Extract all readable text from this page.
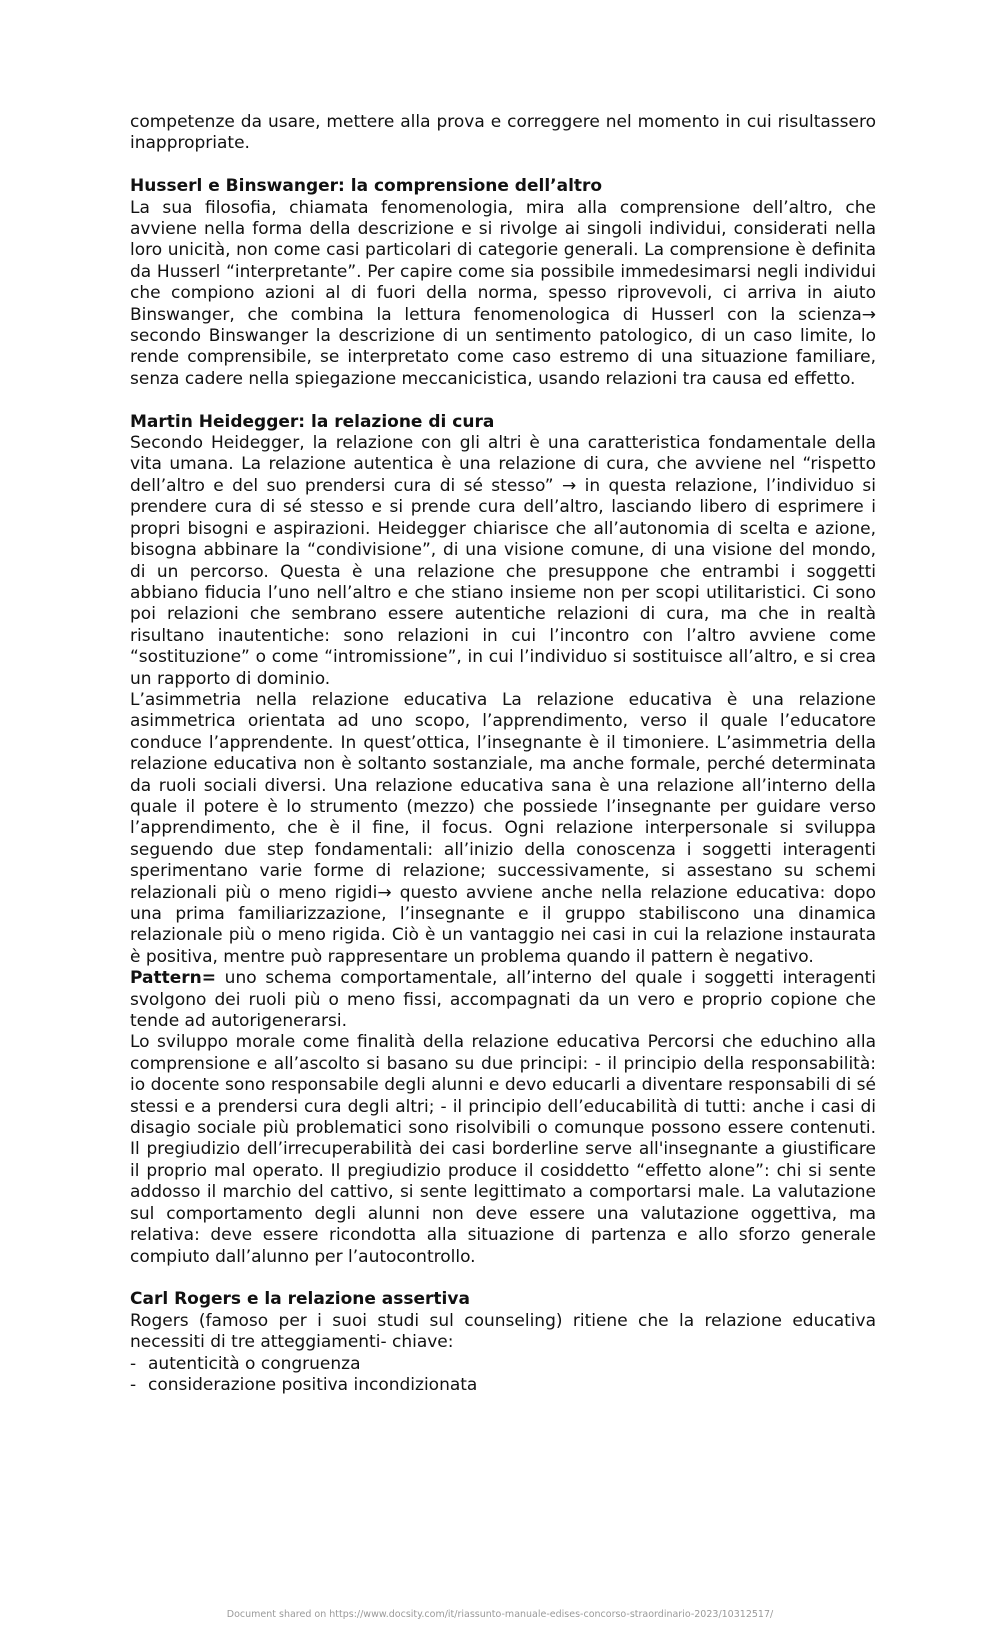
competenze da usare, mettere alla prova e correggere nel momento in cui risultassero inappropriate.

Husserl e Binswanger: la comprensione dell’altro

La sua filosofia, chiamata fenomenologia, mira alla comprensione dell’altro, che avviene nella forma della descrizione e si rivolge ai singoli individui, considerati nella loro unicità, non come casi particolari di categorie generali. La comprensione è definita da Husserl “interpretante”. Per capire come sia possibile immedesimarsi negli individui che compiono azioni al di fuori della norma, spesso riprovevoli, ci arriva in aiuto Binswanger, che combina la lettura fenomenologica di Husserl con la scienza→ secondo Binswanger la descrizione di un sentimento patologico, di un caso limite, lo rende comprensibile, se interpretato come caso estremo di una situazione familiare, senza cadere nella spiegazione meccanicistica, usando relazioni tra causa ed effetto.

Martin Heidegger: la relazione di cura

Secondo Heidegger, la relazione con gli altri è una caratteristica fondamentale della vita umana. La relazione autentica è una relazione di cura, che avviene nel “rispetto dell’altro e del suo prendersi cura di sé stesso” → in questa relazione, l’individuo si prendere cura di sé stesso e si prende cura dell’altro, lasciando libero di esprimere i propri bisogni e aspirazioni. Heidegger chiarisce che all’autonomia di scelta e azione, bisogna abbinare la “condivisione”, di una visione comune, di una visione del mondo, di un percorso. Questa è una relazione che presuppone che entrambi i soggetti abbiano fiducia l’uno nell’altro e che stiano insieme non per scopi utilitaristici. Ci sono poi relazioni che sembrano essere autentiche relazioni di cura, ma che in realtà risultano inautentiche: sono relazioni in cui l’incontro con l’altro avviene come “sostituzione” o come “intromissione”, in cui l’individuo si sostituisce all’altro, e si crea un rapporto di dominio.

L’asimmetria nella relazione educativa La relazione educativa è una relazione asimmetrica orientata ad uno scopo, l’apprendimento, verso il quale l’educatore conduce l’apprendente. In quest’ottica, l’insegnante è il timoniere. L’asimmetria della relazione educativa non è soltanto sostanziale, ma anche formale, perché determinata da ruoli sociali diversi. Una relazione educativa sana è una relazione all’interno della quale il potere è lo strumento (mezzo) che possiede l’insegnante per guidare verso l’apprendimento, che è il fine, il focus. Ogni relazione interpersonale si sviluppa seguendo due step fondamentali: all’inizio della conoscenza i soggetti interagenti sperimentano varie forme di relazione; successivamente, si assestano su schemi relazionali più o meno rigidi→ questo avviene anche nella relazione educativa: dopo una prima familiarizzazione, l’insegnante e il gruppo stabiliscono una dinamica relazionale più o meno rigida. Ciò è un vantaggio nei casi in cui la relazione instaurata è positiva, mentre può rappresentare un problema quando il pattern è negativo.

Pattern= uno schema comportamentale, all’interno del quale i soggetti interagenti svolgono dei ruoli più o meno fissi, accompagnati da un vero e proprio copione che tende ad autorigenerarsi.

Lo sviluppo morale come finalità della relazione educativa Percorsi che educhino alla comprensione e all’ascolto si basano su due principi: - il principio della responsabilità: io docente sono responsabile degli alunni e devo educarli a diventare responsabili di sé stessi e a prendersi cura degli altri; - il principio dell’educabilità di tutti: anche i casi di disagio sociale più problematici sono risolvibili o comunque possono essere contenuti. Il pregiudizio dell’irrecuperabilità dei casi borderline serve all'insegnante a giustificare il proprio mal operato. Il pregiudizio produce il cosiddetto “effetto alone”: chi si sente addosso il marchio del cattivo, si sente legittimato a comportarsi male. La valutazione sul comportamento degli alunni non deve essere una valutazione oggettiva, ma relativa: deve essere ricondotta alla situazione di partenza e allo sforzo generale compiuto dall’alunno per l’autocontrollo.

Carl Rogers e la relazione assertiva

Rogers (famoso per i suoi studi sul counseling) ritiene che la relazione educativa necessiti di tre atteggiamenti- chiave:

- autenticità o congruenza
- considerazione positiva incondizionata
Document shared on https://www.docsity.com/it/riassunto-manuale-edises-concorso-straordinario-2023/10312517/
